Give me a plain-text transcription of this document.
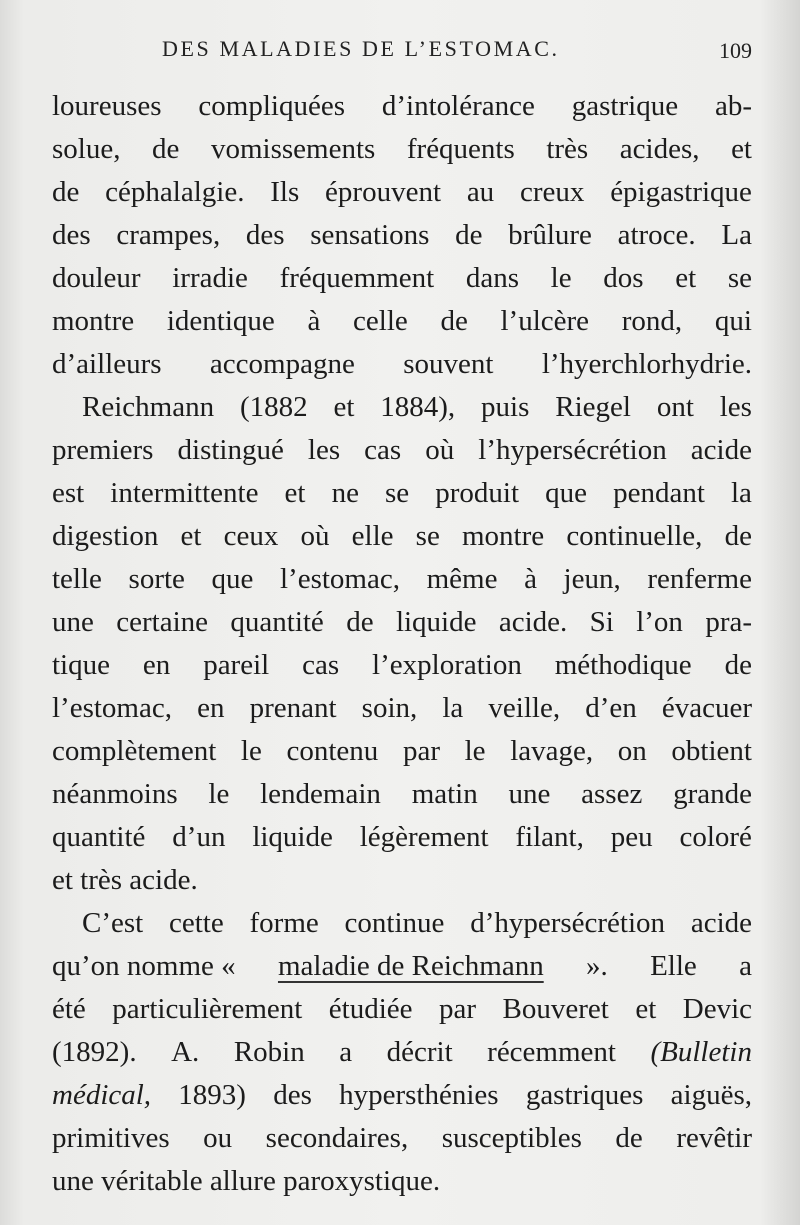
DES MALADIES DE L’ESTOMAC.	109
loureuses compliquées d’intolérance gastrique ab-
solue, de vomissements fréquents très acides, et
de céphalalgie. Ils éprouvent au creux épigastrique
des crampes, des sensations de brûlure atroce. La
douleur irradie fréquemment dans le dos et se
montre identique à celle de l’ulcère rond, qui
d’ailleurs accompagne souvent l’hyerchlorhydrie.
Reichmann (1882 et 1884), puis Riegel ont les
premiers distingué les cas où l’hypersécrétion acide
est intermittente et ne se produit que pendant la
digestion et ceux où elle se montre continuelle, de
telle sorte que l’estomac, même à jeun, renferme
une certaine quantité de liquide acide. Si l’on pra-
tique en pareil cas l’exploration méthodique de
l’estomac, en prenant soin, la veille, d’en évacuer
complètement le contenu par le lavage, on obtient
néanmoins le lendemain matin une assez grande
quantité d’un liquide légèrement filant, peu coloré
et très acide.
C’est cette forme continue d’hypersécrétion acide
qu’on nomme « maladie de Reichmann ». Elle a
été particulièrement étudiée par Bouveret et Devic
(1892). A. Robin a décrit récemment (Bulletin
médical, 1893) des hypersthénies gastriques aiguës,
primitives ou secondaires, susceptibles de revêtir
une véritable allure paroxystique.
